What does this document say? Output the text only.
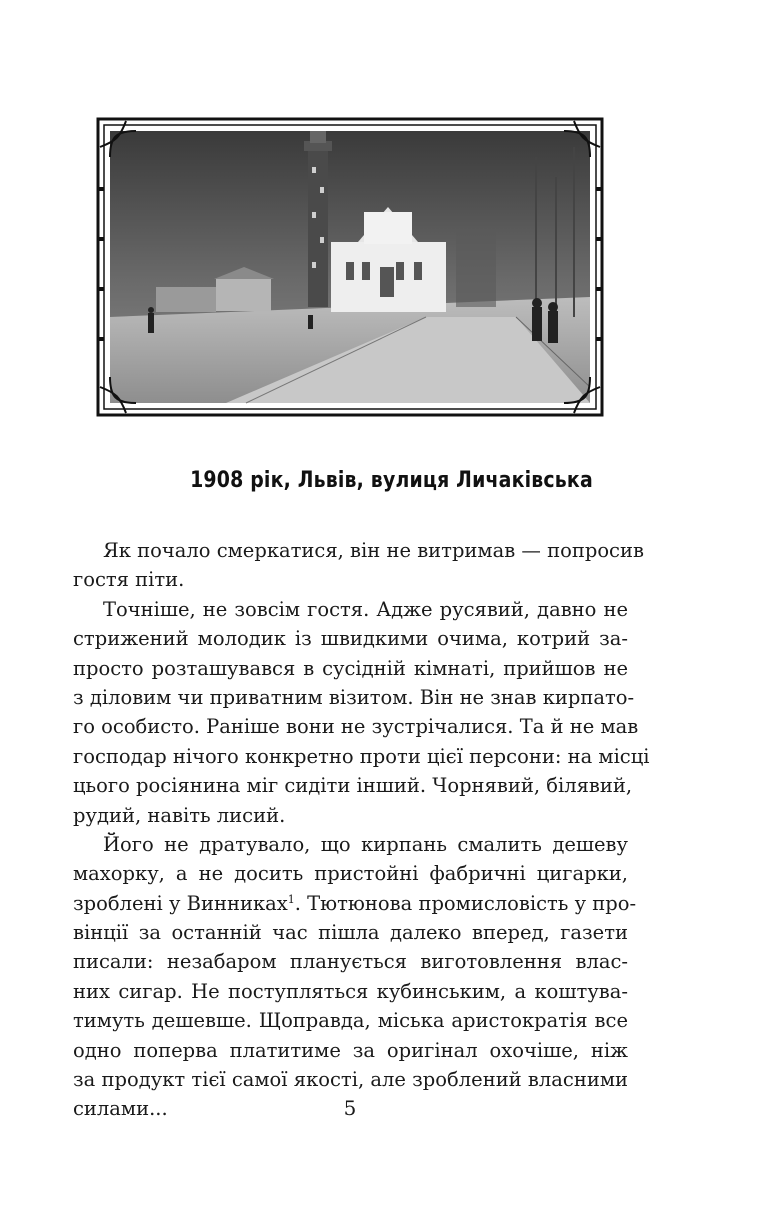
1908 рік, Львів, вулиця Личаківська
Як почало смеркатися, він не витримав — попросив
гостя піти.
Точніше, не зовсім гостя. Адже русявий, давно не
стрижений молодик із швидкими очима, котрий за-
просто розташувався в сусідній кімнаті, прийшов не
з діловим чи приватним візитом. Він не знав кирпато-
го особисто. Раніше вони не зустрічалися. Та й не мав
господар нічого конкретно проти цієї персони: на місці
цього росіянина міг сидіти інший. Чорнявий, білявий,
рудий, навіть лисий.
Його не дратувало, що кирпань смалить дешеву
махорку, а не досить пристойні фабричні цигарки,
зроблені у Винниках$^1$. Тютюнова промисловість у про-
вінції за останній час пішла далеко вперед, газети
писали: незабаром планується виготовлення влас-
них сигар. Не поступляться кубинським, а коштува-
тимуть дешевше. Щоправда, міська аристократія все
одно поперва платитиме за оригінал охочіше, ніж
за продукт тієї самої якості, але зроблений власними
силами...	5
